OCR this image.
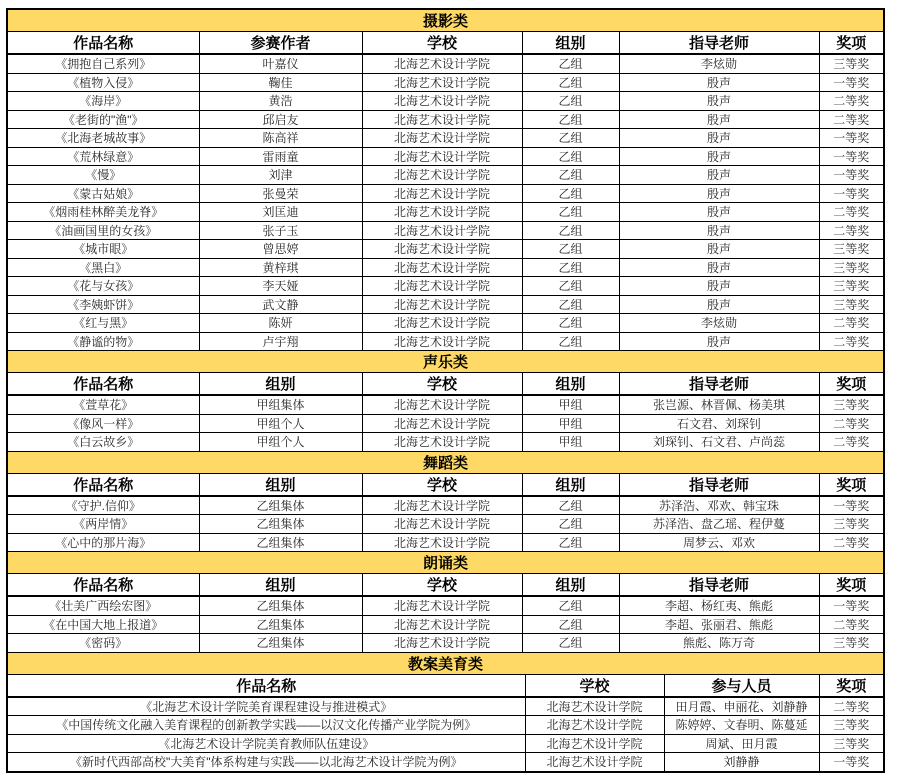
摄影类					
作品名称	参赛作者	学校	组别	指导老师	奖项
《拥抱自己系列》	叶嘉仪	北海艺术设计学院	乙组	李炫勋	三等奖
《植物入侵》	鞠佳	北海艺术设计学院	乙组	殷声	一等奖
《海岸》	黄浩	北海艺术设计学院	乙组	殷声	二等奖
《老街的"渔"》	邱启友	北海艺术设计学院	乙组	殷声	二等奖
《北海老城故事》	陈高祥	北海艺术设计学院	乙组	殷声	一等奖
《荒林绿意》	雷雨童	北海艺术设计学院	乙组	殷声	一等奖
《慢》	刘津	北海艺术设计学院	乙组	殷声	一等奖
《蒙古姑娘》	张曼荣	北海艺术设计学院	乙组	殷声	一等奖
《烟雨桂林醉美龙脊》	刘匡迪	北海艺术设计学院	乙组	殷声	二等奖
《油画国里的女孩》	张子玉	北海艺术设计学院	乙组	殷声	二等奖
《城市眼》	曾思婷	北海艺术设计学院	乙组	殷声	三等奖
《黑白》	黄梓琪	北海艺术设计学院	乙组	殷声	三等奖
《花与女孩》	李天娅	北海艺术设计学院	乙组	殷声	三等奖
《李姨虾饼》	武文静	北海艺术设计学院	乙组	殷声	三等奖
《红与黑》	陈妍	北海艺术设计学院	乙组	李炫勋	二等奖
《静谧的物》	卢宇翔	北海艺术设计学院	乙组	殷声	二等奖
声乐类					
作品名称	组别	学校	组别	指导老师	奖项
《萱草花》	甲组集体	北海艺术设计学院	甲组	张岂源、林晋佩、杨美琪	三等奖
《像风一样》	甲组个人	北海艺术设计学院	甲组	石文君、刘琛钊	二等奖
《白云故乡》	甲组个人	北海艺术设计学院	甲组	刘琛钊、石文君、卢尚蕊	二等奖
舞蹈类					
作品名称	组别	学校	组别	指导老师	奖项
《守护.信仰》	乙组集体	北海艺术设计学院	乙组	苏泽浩、邓欢、韩宝珠	一等奖
《两岸情》	乙组集体	北海艺术设计学院	乙组	苏泽浩、盘乙瑶、程伊蔓	三等奖
《心中的那片海》	乙组集体	北海艺术设计学院	乙组	周梦云、邓欢	二等奖
朗诵类					
作品名称	组别	学校	组别	指导老师	奖项
《壮美广西绘宏图》	乙组集体	北海艺术设计学院	乙组	李超、杨红夷、熊彪	一等奖
《在中国大地上报道》	乙组集体	北海艺术设计学院	乙组	李超、张丽君、熊彪	二等奖
《密码》	乙组集体	北海艺术设计学院	乙组	熊彪、陈万奇	三等奖
教案美育类			
作品名称	学校	参与人员	奖项
《北海艺术设计学院美育课程建设与推进模式》	北海艺术设计学院	田月霞、申丽花、刘静静	二等奖
《中国传统文化融入美育课程的创新教学实践——以汉文化传播产业学院为例》	北海艺术设计学院	陈婷婷、文春明、陈蔓延	三等奖
《北海艺术设计学院美育教师队伍建设》	北海艺术设计学院	周斌、田月霞	三等奖
《新时代西部高校"大美育"体系构建与实践——以北海艺术设计学院为例》	北海艺术设计学院	刘静静	一等奖
